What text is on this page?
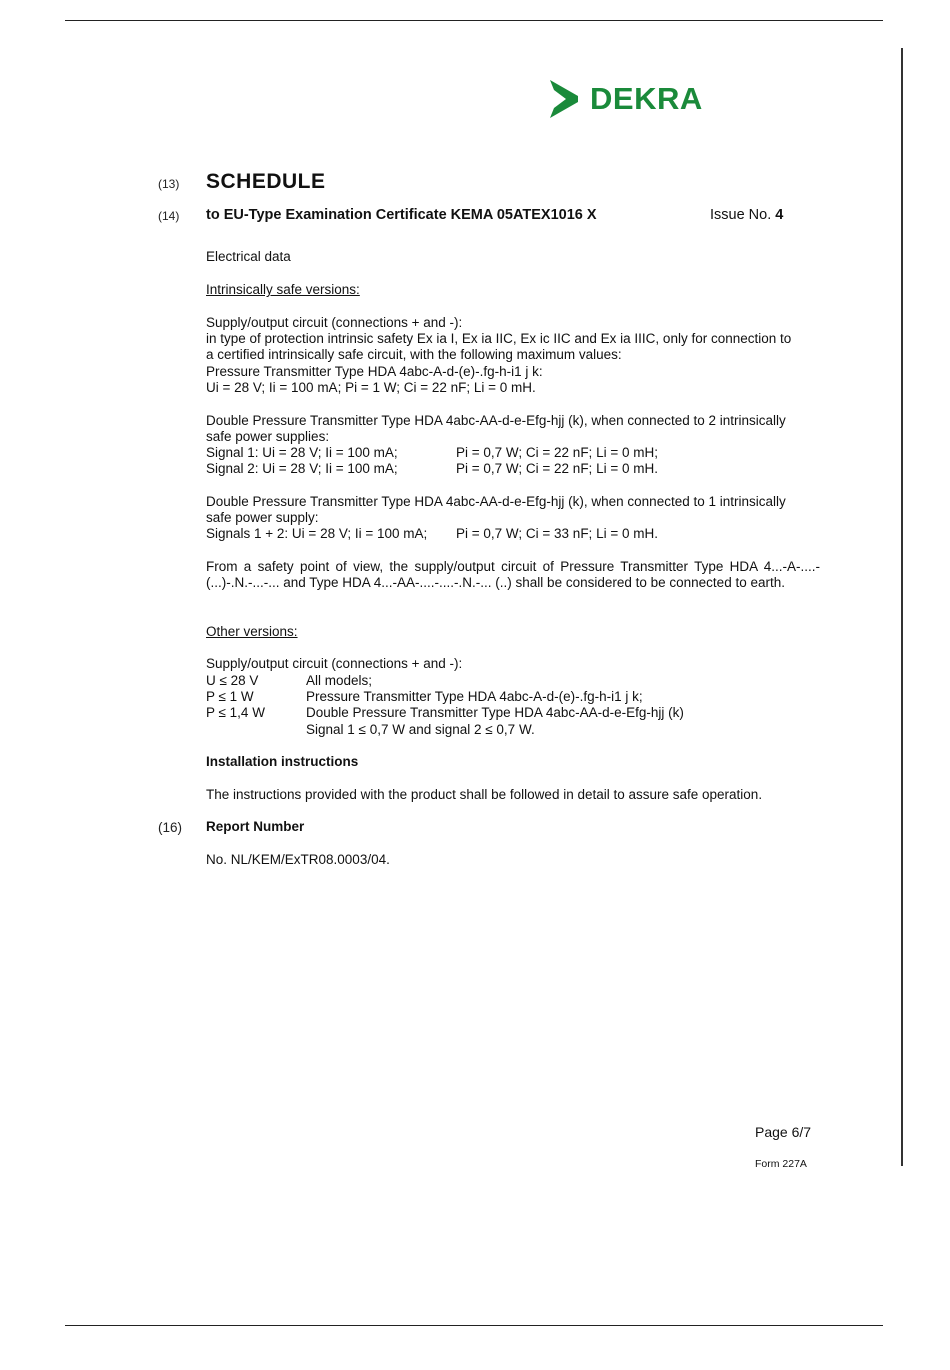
DEKRA
(13)
(14)
(16)
SCHEDULE
to EU-Type Examination Certificate KEMA 05ATEX1016 X	Issue No. 4
Electrical data
Intrinsically safe versions:
Supply/output circuit (connections + and -):
in type of protection intrinsic safety Ex ia I, Ex ia IIC, Ex ic IIC and Ex ia IIIC, only for connection to
a certified intrinsically safe circuit, with the following maximum values:
Pressure Transmitter Type HDA 4abc-A-d-(e)-.fg-h-i1 j k:
Ui = 28 V; Ii = 100 mA; Pi = 1 W; Ci = 22 nF; Li = 0 mH.
Double Pressure Transmitter Type HDA 4abc-AA-d-e-Efg-hjj (k), when connected to 2 intrinsically
safe power supplies:
Signal 1: Ui = 28 V; Ii = 100 mA;	Pi = 0,7 W; Ci = 22 nF; Li = 0 mH;
Signal 2: Ui = 28 V; Ii = 100 mA;	Pi = 0,7 W; Ci = 22 nF; Li = 0 mH.
Double Pressure Transmitter Type HDA 4abc-AA-d-e-Efg-hjj (k), when connected to 1 intrinsically
safe power supply:
Signals 1 + 2: Ui = 28 V; Ii = 100 mA;	Pi = 0,7 W; Ci = 33 nF; Li = 0 mH.
From a safety point of view, the supply/output circuit of Pressure Transmitter Type HDA 4...-A-....-(...)-.N.-...-... and Type HDA 4...-AA-....-....-.N.-... (..) shall be considered to be connected to earth.
Other versions:
Supply/output circuit (connections + and -):
U ≤ 28 V	All models;
P ≤ 1 W	Pressure Transmitter Type HDA 4abc-A-d-(e)-.fg-h-i1 j k;
P ≤ 1,4 W	Double Pressure Transmitter Type HDA 4abc-AA-d-e-Efg-hjj (k)
Signal 1 ≤ 0,7 W and signal 2 ≤ 0,7 W.
Installation instructions
The instructions provided with the product shall be followed in detail to assure safe operation.
Report Number
No. NL/KEM/ExTR08.0003/04.
Page 6/7
Form 227A
